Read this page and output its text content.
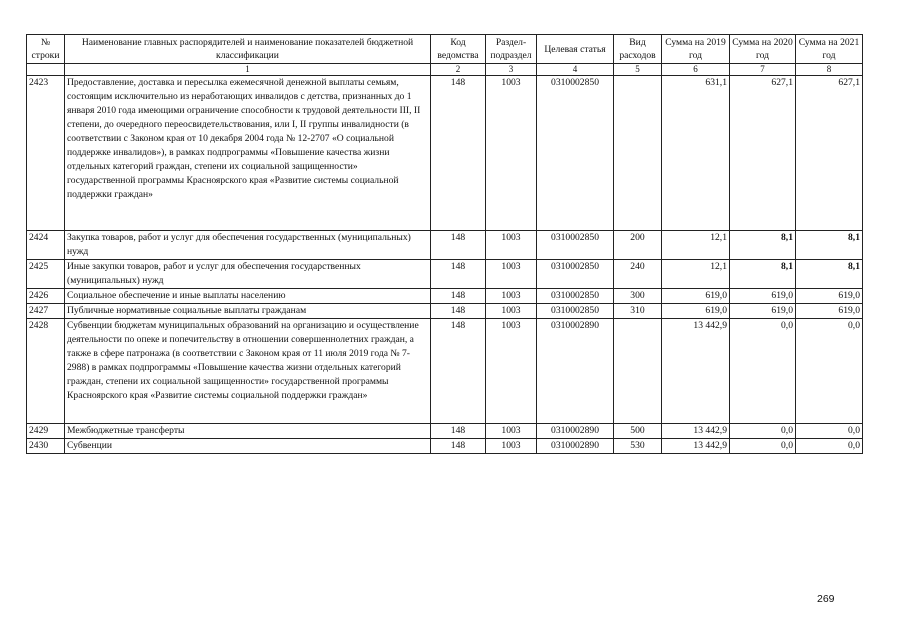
№ строки	Наименование главных распорядителей и наименование показателей бюджетной классификации	Код ведомства	Раздел-подраздел	Целевая статья	Вид расходов	Сумма на 2019 год	Сумма на 2020 год	Сумма на 2021 год
	1	2	3	4	5	6	7	8
2423	Предоставление, доставка и пересылка ежемесячной денежной выплаты семьям, состоящим исключительно из неработающих инвалидов с детства, признанных до 1 января 2010 года имеющими ограничение способности к трудовой деятельности III, II степени, до очередного переосвидетельствования, или I, II группы инвалидности (в соответствии с Законом края от 10 декабря 2004 года № 12-2707 «О социальной поддержке инвалидов»), в рамках подпрограммы «Повышение качества жизни отдельных категорий граждан, степени их социальной защищенности» государственной программы Красноярского края «Развитие системы социальной поддержки граждан»	148	1003	0310002850		631,1	627,1	627,1
2424	Закупка товаров, работ и услуг для обеспечения государственных (муниципальных) нужд	148	1003	0310002850	200	12,1	8,1	8,1
2425	Иные закупки товаров, работ и услуг для обеспечения государственных (муниципальных) нужд	148	1003	0310002850	240	12,1	8,1	8,1
2426	Социальное обеспечение и иные выплаты населению	148	1003	0310002850	300	619,0	619,0	619,0
2427	Публичные нормативные социальные выплаты гражданам	148	1003	0310002850	310	619,0	619,0	619,0
2428	Субвенции бюджетам муниципальных образований на организацию и осуществление деятельности по опеке и попечительству в отношении совершеннолетних граждан, а также в сфере патронажа (в соответствии с Законом края от 11 июля 2019 года № 7-2988) в рамках подпрограммы «Повышение качества жизни отдельных категорий граждан, степени их социальной защищенности» государственной программы Красноярского края «Развитие системы социальной поддержки граждан»	148	1003	0310002890		13 442,9	0,0	0,0
2429	Межбюджетные трансферты	148	1003	0310002890	500	13 442,9	0,0	0,0
2430	Субвенции	148	1003	0310002890	530	13 442,9	0,0	0,0
269
